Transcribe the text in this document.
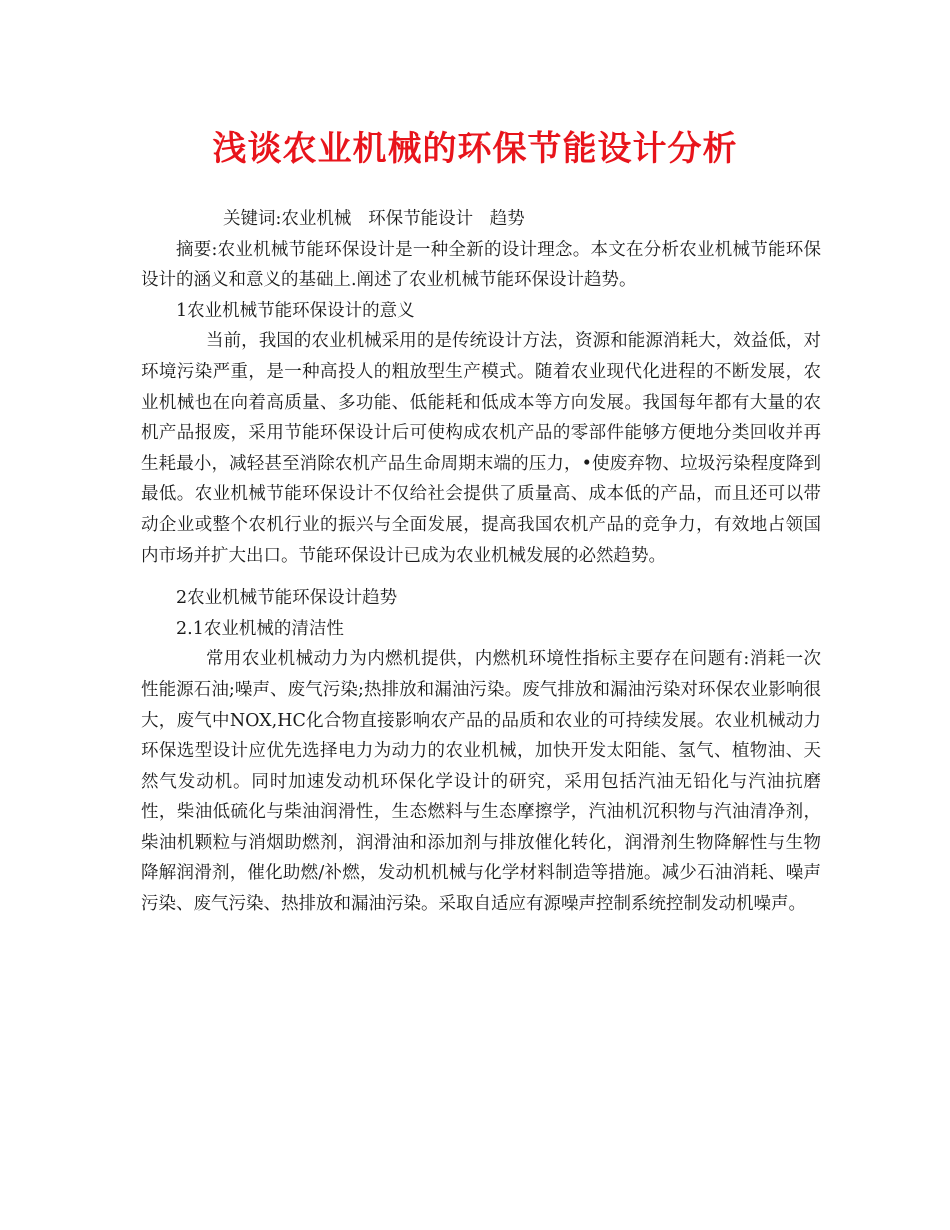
浅谈农业机械的环保节能设计分析

关键词:农业机械   环保节能设计   趋势

摘要:农业机械节能环保设计是一种全新的设计理念。本文在分析农业机械节能环保设计的涵义和意义的基础上.阐述了农业机械节能环保设计趋势。

1农业机械节能环保设计的意义

当前，我国的农业机械采用的是传统设计方法，资源和能源消耗大，效益低，对环境污染严重，是一种高投人的粗放型生产模式。随着农业现代化进程的不断发展，农业机械也在向着高质量、多功能、低能耗和低成本等方向发展。我国每年都有大量的农机产品报废，采用节能环保设计后可使构成农机产品的零部件能够方便地分类回收并再生耗最小，减轻甚至消除农机产品生命周期末端的压力，•使废弃物、垃圾污染程度降到最低。农业机械节能环保设计不仅给社会提供了质量高、成本低的产品，而且还可以带动企业或整个农机行业的振兴与全面发展，提高我国农机产品的竞争力，有效地占领国内市场并扩大出口。节能环保设计已成为农业机械发展的必然趋势。

2农业机械节能环保设计趋势

2.1农业机械的清洁性

常用农业机械动力为内燃机提供，内燃机环境性指标主要存在问题有:消耗一次性能源石油;噪声、废气污染;热排放和漏油污染。废气排放和漏油污染对环保农业影响很大，废气中NOX,HC化合物直接影响农产品的品质和农业的可持续发展。农业机械动力环保选型设计应优先选择电力为动力的农业机械，加快开发太阳能、氢气、植物油、天然气发动机。同时加速发动机环保化学设计的研究，采用包括汽油无铅化与汽油抗磨性，柴油低硫化与柴油润滑性，生态燃料与生态摩擦学，汽油机沉积物与汽油清净剂，柴油机颗粒与消烟助燃剂，润滑油和添加剂与排放催化转化，润滑剂生物降解性与生物降解润滑剂，催化助燃/补燃，发动机机械与化学材料制造等措施。减少石油消耗、噪声污染、废气污染、热排放和漏油污染。采取自适应有源噪声控制系统控制发动机噪声。
